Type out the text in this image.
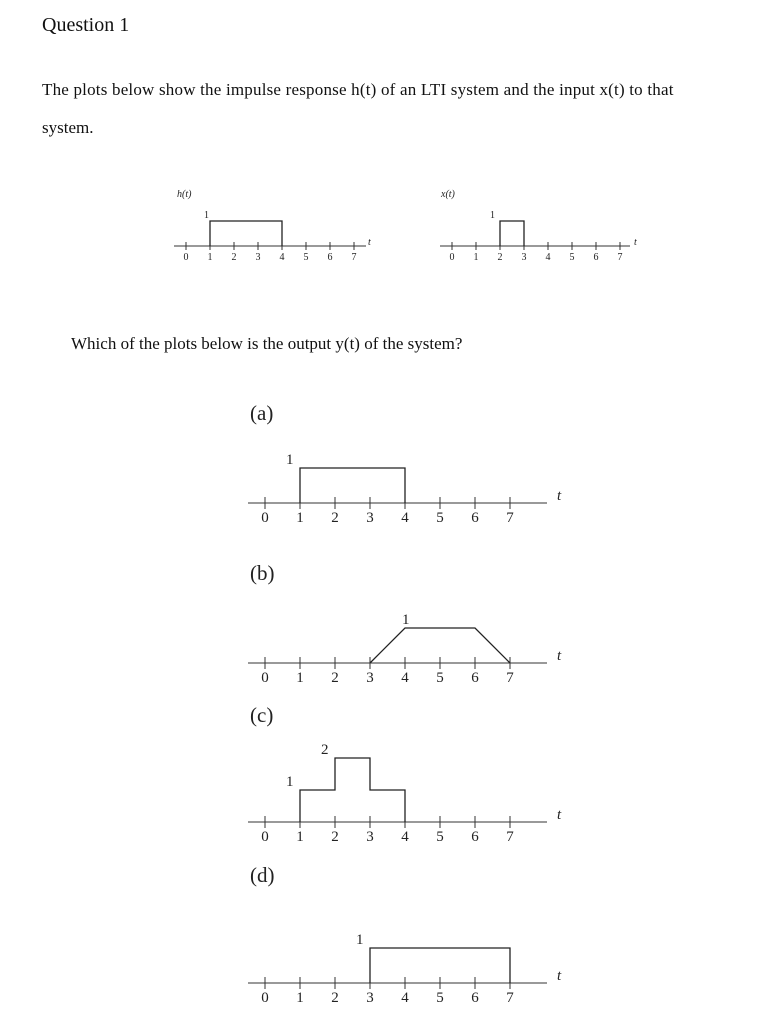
Question 1
The plots below show the impulse response h(t) of an LTI system and the input x(t) to that
system.
Which of the plots below is the output y(t) of the system?
0 1 2 3 4 5 6 7
t
h(t)
1
0 1 2 3 4 5 6 7
t
x(t)
1
0 1 2 3 4 5 6 7
t
(a)
1
0 1 2 3 4 5 6 7
t
(b)
1
0 1 2 3 4 5 6 7
t
(c)
1
2
0 1 2 3 4 5 6 7
t
(d)
1
